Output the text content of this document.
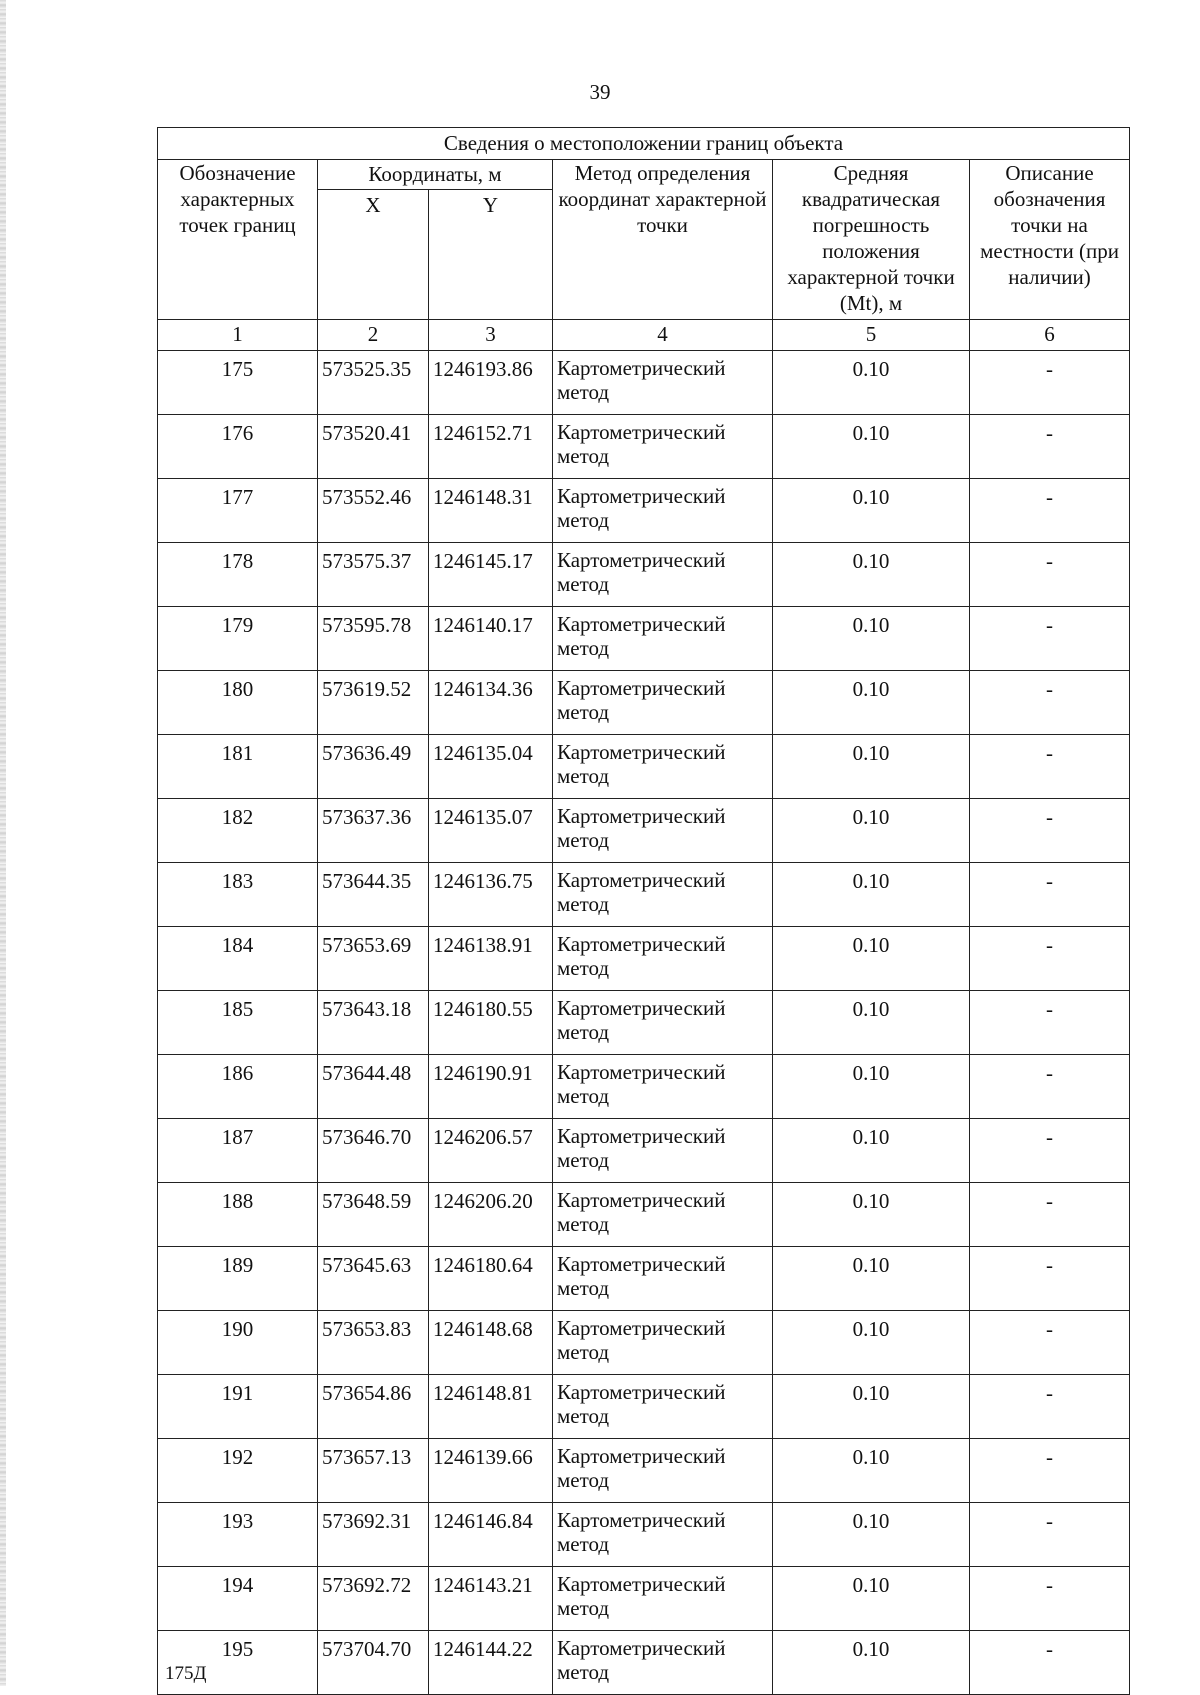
39
Сведения о местоположении границ объекта					
Обозначение характерных точек границ	Координаты, м		Метод определения координат характерной точки	Средняя квадратическая погрешность положения характерной точки (Mt), м	Описание обозначения точки на местности (при наличии)
	X	Y			
1	2	3	4	5	6
175	573525.35	1246193.86	Картометрический метод	0.10	-
176	573520.41	1246152.71	Картометрический метод	0.10	-
177	573552.46	1246148.31	Картометрический метод	0.10	-
178	573575.37	1246145.17	Картометрический метод	0.10	-
179	573595.78	1246140.17	Картометрический метод	0.10	-
180	573619.52	1246134.36	Картометрический метод	0.10	-
181	573636.49	1246135.04	Картометрический метод	0.10	-
182	573637.36	1246135.07	Картометрический метод	0.10	-
183	573644.35	1246136.75	Картометрический метод	0.10	-
184	573653.69	1246138.91	Картометрический метод	0.10	-
185	573643.18	1246180.55	Картометрический метод	0.10	-
186	573644.48	1246190.91	Картометрический метод	0.10	-
187	573646.70	1246206.57	Картометрический метод	0.10	-
188	573648.59	1246206.20	Картометрический метод	0.10	-
189	573645.63	1246180.64	Картометрический метод	0.10	-
190	573653.83	1246148.68	Картометрический метод	0.10	-
191	573654.86	1246148.81	Картометрический метод	0.10	-
192	573657.13	1246139.66	Картометрический метод	0.10	-
193	573692.31	1246146.84	Картометрический метод	0.10	-
194	573692.72	1246143.21	Картометрический метод	0.10	-
195	573704.70	1246144.22	Картометрический метод	0.10	-
175Д
